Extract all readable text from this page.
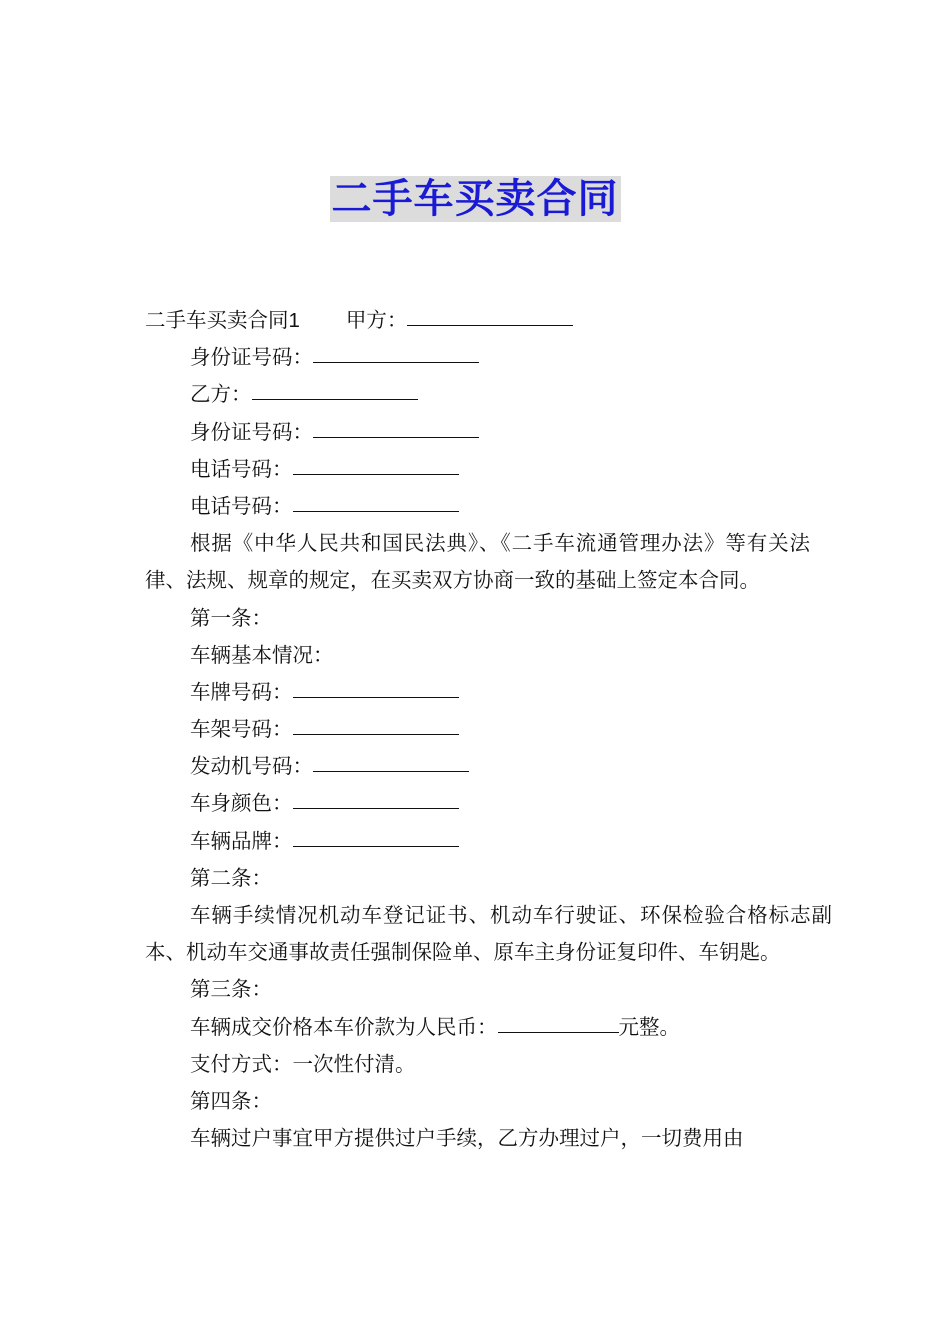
二手车买卖合同
二手车买卖合同1 甲方：
身份证号码：
乙方：
身份证号码：
电话号码：
电话号码：
根据《中华人民共和国民法典》、《二手车流通管理办法》等有关法律、法规、规章的规定，在买卖双方协商一致的基础上签定本合同。
第一条：
车辆基本情况：
车牌号码：
车架号码：
发动机号码：
车身颜色：
车辆品牌：
第二条：
车辆手续情况机动车登记证书、机动车行驶证、环保检验合格标志副本、机动车交通事故责任强制保险单、原车主身份证复印件、车钥匙。
第三条：
车辆成交价格本车价款为人民币：	元整。
支付方式：一次性付清。
第四条：
车辆过户事宜甲方提供过户手续，乙方办理过户，一切费用由
